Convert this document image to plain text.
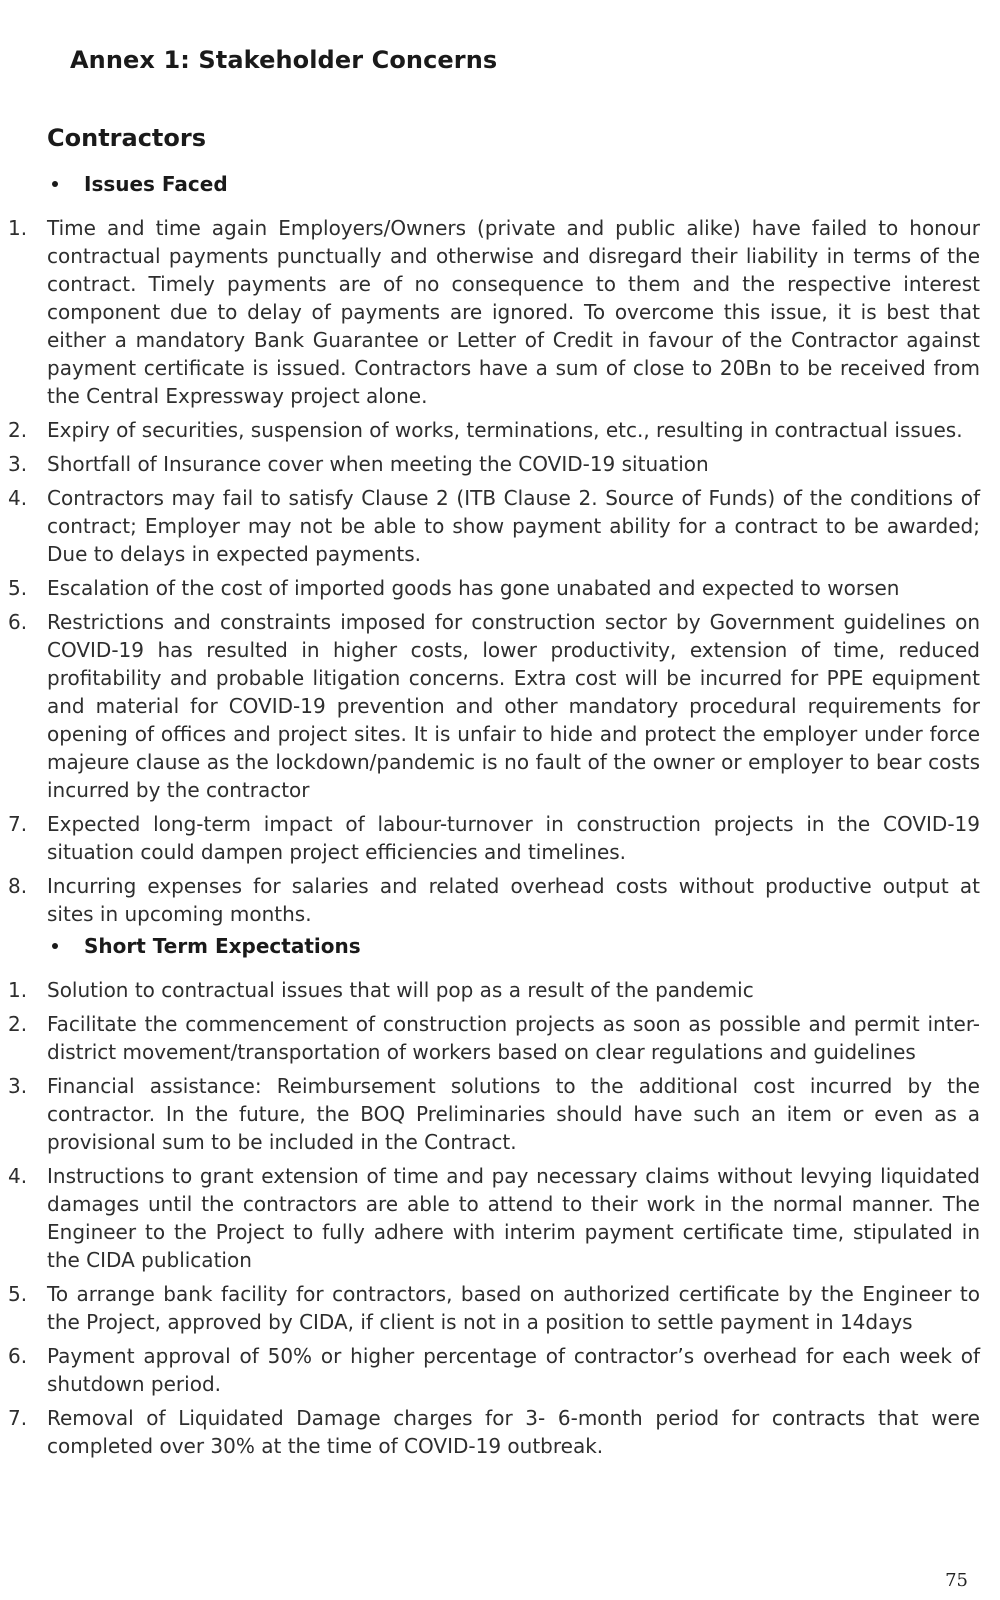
Annex 1: Stakeholder Concerns
Contractors
Issues Faced
1. Time and time again Employers/Owners (private and public alike) have failed to honour contractual payments punctually and otherwise and disregard their liability in terms of the contract. Timely payments are of no consequence to them and the respective interest component due to delay of payments are ignored. To overcome this issue, it is best that either a mandatory Bank Guarantee or Letter of Credit in favour of the Contractor against payment certificate is issued. Contractors have a sum of close to 20Bn to be received from the Central Expressway project alone.
2. Expiry of securities, suspension of works, terminations, etc., resulting in contractual issues.
3. Shortfall of Insurance cover when meeting the COVID-19 situation
4. Contractors may fail to satisfy Clause 2 (ITB Clause 2. Source of Funds) of the conditions of contract; Employer may not be able to show payment ability for a contract to be awarded; Due to delays in expected payments.
5. Escalation of the cost of imported goods has gone unabated and expected to worsen
6. Restrictions and constraints imposed for construction sector by Government guidelines on COVID-19 has resulted in higher costs, lower productivity, extension of time, reduced profitability and probable litigation concerns. Extra cost will be incurred for PPE equipment and material for COVID-19 prevention and other mandatory procedural requirements for opening of offices and project sites. It is unfair to hide and protect the employer under force majeure clause as the lockdown/pandemic is no fault of the owner or employer to bear costs incurred by the contractor
7. Expected long-term impact of labour-turnover in construction projects in the COVID-19 situation could dampen project efficiencies and timelines.
8. Incurring expenses for salaries and related overhead costs without productive output at sites in upcoming months.
Short Term Expectations
1. Solution to contractual issues that will pop as a result of the pandemic
2. Facilitate the commencement of construction projects as soon as possible and permit inter-district movement/transportation of workers based on clear regulations and guidelines
3. Financial assistance: Reimbursement solutions to the additional cost incurred by the contractor. In the future, the BOQ Preliminaries should have such an item or even as a provisional sum to be included in the Contract.
4. Instructions to grant extension of time and pay necessary claims without levying liquidated damages until the contractors are able to attend to their work in the normal manner. The Engineer to the Project to fully adhere with interim payment certificate time, stipulated in the CIDA publication
5. To arrange bank facility for contractors, based on authorized certificate by the Engineer to the Project, approved by CIDA, if client is not in a position to settle payment in 14days
6. Payment approval of 50% or higher percentage of contractor’s overhead for each week of shutdown period.
7. Removal of Liquidated Damage charges for 3- 6-month period for contracts that were completed over 30% at the time of COVID-19 outbreak.
75
